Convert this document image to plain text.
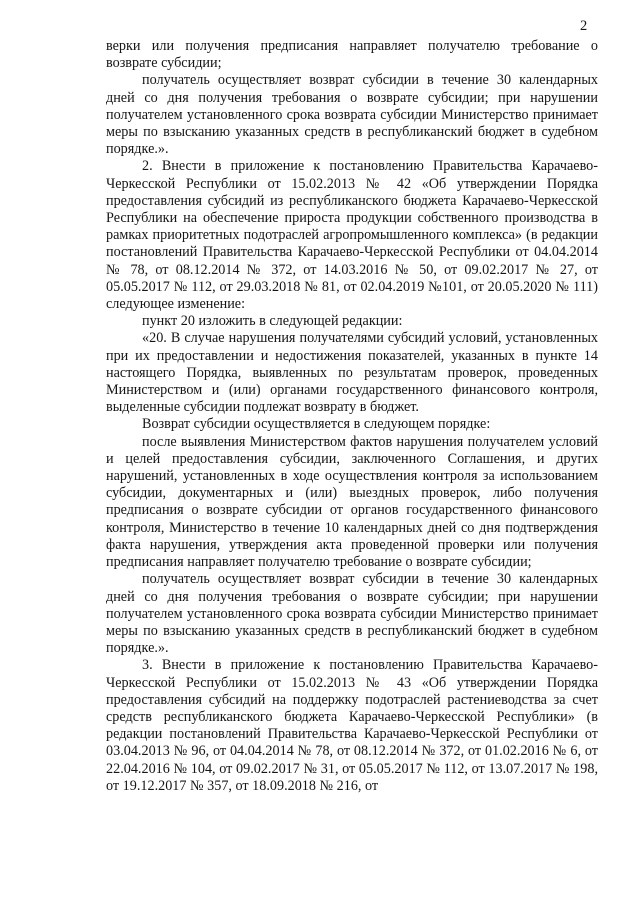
2

верки или получения предписания направляет получателю требование о возврате субсидии;

получатель осуществляет возврат субсидии в течение 30 календарных дней со дня получения требования о возврате субсидии; при нарушении получателем установленного срока возврата субсидии Министерство принимает меры по взысканию указанных средств в республиканский бюджет в судебном порядке.».

2. Внести в приложение к постановлению Правительства Карачаево-Черкесской Республики от 15.02.2013 № 42 «Об утверждении Порядка предоставления субсидий из республиканского бюджета Карачаево-Черкесской Республики на обеспечение прироста продукции собственного производства в рамках приоритетных подотраслей агропромышленного комплекса» (в редакции постановлений Правительства Карачаево-Черкесской Республики от 04.04.2014 № 78, от 08.12.2014 № 372, от 14.03.2016 № 50, от 09.02.2017 № 27, от 05.05.2017 № 112, от 29.03.2018 № 81, от 02.04.2019 №101, от 20.05.2020 № 111) следующее изменение:

пункт 20 изложить в следующей редакции:

«20. В случае нарушения получателями субсидий условий, установленных при их предоставлении и недостижения показателей, указанных в пункте 14 настоящего Порядка, выявленных по результатам проверок, проведенных Министерством и (или) органами государственного финансового контроля, выделенные субсидии подлежат возврату в бюджет.

Возврат субсидии осуществляется в следующем порядке:

после выявления Министерством фактов нарушения получателем условий и целей предоставления субсидии, заключенного Соглашения, и других нарушений, установленных в ходе осуществления контроля за использованием субсидии, документарных и (или) выездных проверок, либо получения предписания о возврате субсидии от органов государственного финансового контроля, Министерство в течение 10 календарных дней со дня подтверждения факта нарушения, утверждения акта проведенной проверки или получения предписания направляет получателю требование о возврате субсидии;

получатель осуществляет возврат субсидии в течение 30 календарных дней со дня получения требования о возврате субсидии; при нарушении получателем установленного срока возврата субсидии Министерство принимает меры по взысканию указанных средств в республиканский бюджет в судебном порядке.».

3. Внести в приложение к постановлению Правительства Карачаево-Черкесской Республики от 15.02.2013 № 43 «Об утверждении Порядка предоставления субсидий на поддержку подотраслей растениеводства за счет средств республиканского бюджета Карачаево-Черкесской Республики» (в редакции постановлений Правительства Карачаево-Черкесской Республики от 03.04.2013 № 96, от 04.04.2014 № 78, от 08.12.2014 № 372, от 01.02.2016 № 6, от 22.04.2016 № 104, от 09.02.2017 № 31, от 05.05.2017 № 112, от 13.07.2017 № 198, от 19.12.2017 № 357, от 18.09.2018 № 216, от
